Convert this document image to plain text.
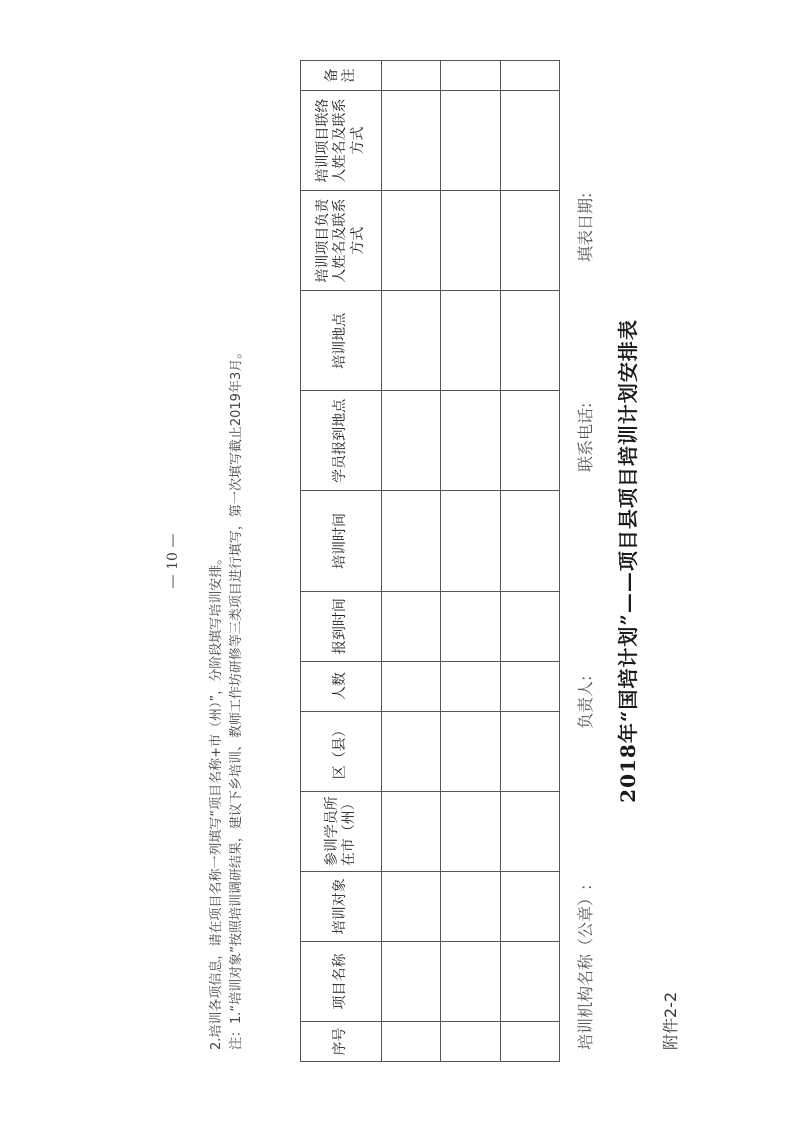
附件2-2
2018年“国培计划”——项目县项目培训计划安排表
培训机构名称（公章）:
负责人:
联系电话:
填表日期:
序号	项目名称	培训对象	参训学员所在市（州）	区（县）	人数	报到时间	培训时间	学员报到地点	培训地点	培训项目负责人姓名及联系方式	培训项目联络人姓名及联系方式	备注

注：1.“培训对象”按照培训调研结果，建议下乡培训、教师工作坊研修等三类项目进行填写，第一次填写截止2019年3月。
2.培训各项信息，请在项目名称一列填写“项目名称+市（州）”，分阶段填写培训安排。
— 10 —
